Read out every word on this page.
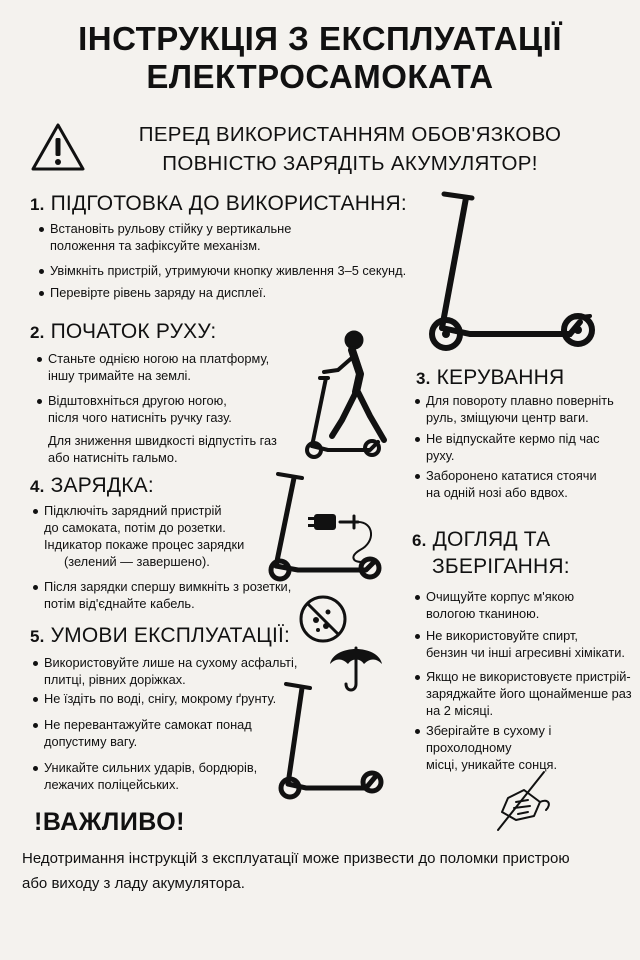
ІНСТРУКЦІЯ З ЕКСПЛУАТАЦІЇ
ЕЛЕКТРОСАМОКАТА
ПЕРЕД ВИКОРИСТАННЯМ ОБОВ'ЯЗКОВО
ПОВНІСТЮ ЗАРЯДІТЬ АКУМУЛЯТОР!
1. ПІДГОТОВКА ДО ВИКОРИСТАННЯ:
Встановіть рульову стійку у вертикальне
положення та зафіксуйте механізм.
Увімкніть пристрій, утримуючи кнопку живлення 3–5 секунд.
Перевірте рівень заряду на дисплеї.
2. ПОЧАТОК РУХУ:
Станьте однією ногою на платформу,
іншу тримайте на землі.
Відштовхніться другою ногою,
після чого натисніть ручку газу.
Для зниження швидкості відпустіть газ
або натисніть гальмо.
3. КЕРУВАННЯ
Для повороту плавно поверніть
руль, зміщуючи центр ваги.
Не відпускайте кермо під час
руху.
Заборонено кататися стоячи
на одній нозі або вдвох.
4. ЗАРЯДКА:
Підключіть зарядний пристрій
до самоката, потім до розетки.
Індикатор покаже процес зарядки
(зелений — завершено).
Після зарядки спершу вимкніть з розетки,
потім від'єднайте кабель.
5. УМОВИ ЕКСПЛУАТАЦІЇ:
Використовуйте лише на сухому асфальті,
плитці, рівних доріжках.
Не їздіть по воді, снігу, мокрому ґрунту.
Не перевантажуйте самокат понад
допустиму вагу.
Уникайте сильних ударів, бордюрів,
лежачих поліцейських.
6. ДОГЛЯД ТА
ЗБЕРІГАННЯ:
Очищуйте корпус м'якою
вологою тканиною.
Не використовуйте спирт,
бензин чи інші агресивні хімікати.
Якщо не використовуєте пристрій-
заряджайте його щонайменше раз
на 2 місяці.
Зберігайте в сухому і прохолодному
місці, уникайте сонця.
!ВАЖЛИВО!
Недотримання інструкцій з експлуатації може призвести до поломки пристрою
або виходу з ладу акумулятора.
